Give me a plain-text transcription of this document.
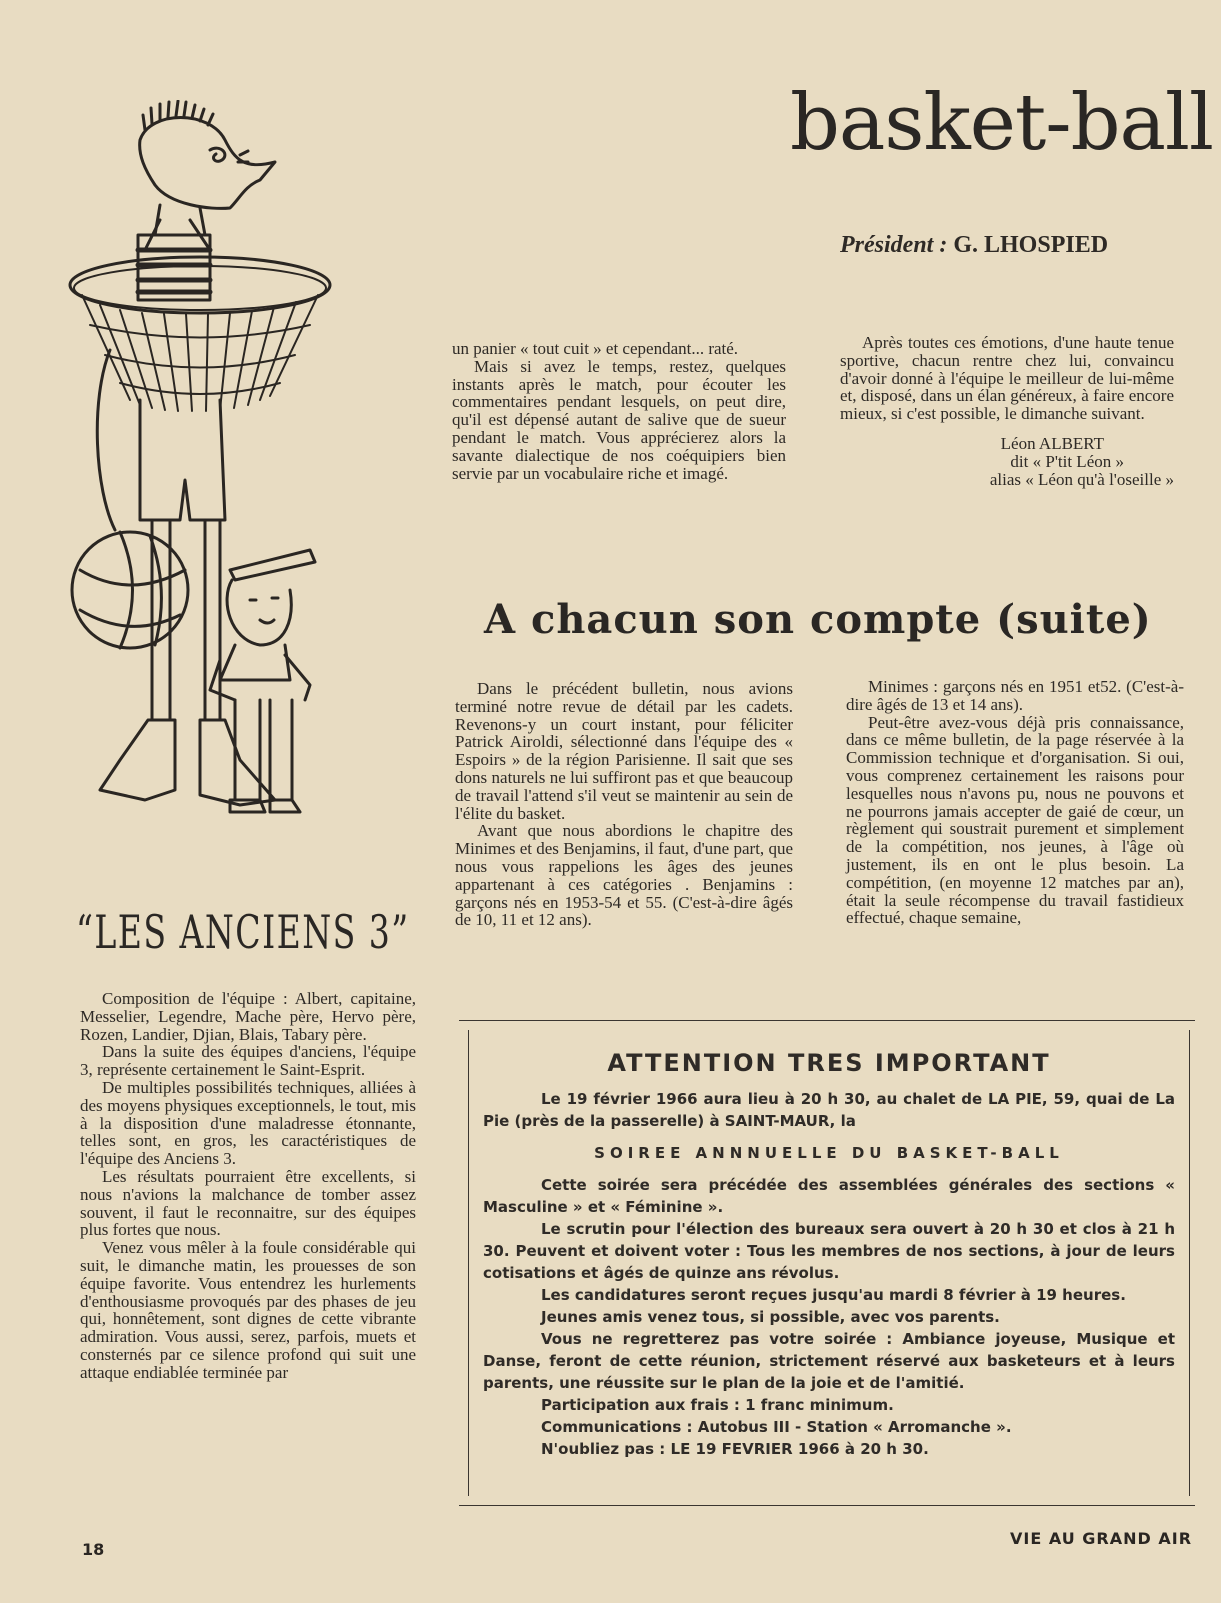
basket-ball
Président : G. LHOSPIED

un panier « tout cuit » et cependant... raté.

Mais si avez le temps, restez, quelques instants après le match, pour écouter les commentaires pendant lesquels, on peut dire, qu'il est dépensé autant de salive que de sueur pendant le match. Vous apprécierez alors la savante dialectique de nos coéquipiers bien servie par un vocabulaire riche et imagé.

Après toutes ces émotions, d'une haute tenue sportive, chacun rentre chez lui, convaincu d'avoir donné à l'équipe le meilleur de lui-même et, disposé, dans un élan généreux, à faire encore mieux, si c'est possible, le dimanche suivant.

Léon ALBERT
dit « P'tit Léon »
alias « Léon qu'à l'oseille »
A chacun son compte (suite)

Dans le précédent bulletin, nous avions terminé notre revue de détail par les cadets. Revenons-y un court instant, pour féliciter Patrick Airoldi, sélectionné dans l'équipe des « Espoirs » de la région Parisienne. Il sait que ses dons naturels ne lui suffiront pas et que beaucoup de travail l'attend s'il veut se maintenir au sein de l'élite du basket.

Avant que nous abordions le chapitre des Minimes et des Benjamins, il faut, d'une part, que nous vous rappelions les âges des jeunes appartenant à ces catégories . Benjamins : garçons nés en 1953-54 et 55. (C'est-à-dire âgés de 10, 11 et 12 ans).

Minimes : garçons nés en 1951 et52. (C'est-à-dire âgés de 13 et 14 ans).

Peut-être avez-vous déjà pris connaissance, dans ce même bulletin, de la page réservée à la Commission technique et d'organisation. Si oui, vous comprenez certainement les raisons pour lesquelles nous n'avons pu, nous ne pouvons et ne pourrons jamais accepter de gaié de cœur, un règlement qui soustrait purement et simplement de la compétition, nos jeunes, à l'âge où justement, ils en ont le plus besoin. La compétition, (en moyenne 12 matches par an), était la seule récompense du travail fastidieux effectué, chaque semaine,

“LES ANCIENS 3”

Composition de l'équipe : Albert, capitaine, Messelier, Legendre, Mache père, Hervo père, Rozen, Landier, Djian, Blais, Tabary père.

Dans la suite des équipes d'anciens, l'équipe 3, représente certainement le Saint-Esprit.

De multiples possibilités techniques, alliées à des moyens physiques exceptionnels, le tout, mis à la disposition d'une maladresse étonnante, telles sont, en gros, les caractéristiques de l'équipe des Anciens 3.

Les résultats pourraient être excellents, si nous n'avions la malchance de tomber assez souvent, il faut le reconnaitre, sur des équipes plus fortes que nous.

Venez vous mêler à la foule considérable qui suit, le dimanche matin, les prouesses de son équipe favorite. Vous entendrez les hurlements d'enthousiasme provoqués par des phases de jeu qui, honnêtement, sont dignes de cette vibrante admiration. Vous aussi, serez, parfois, muets et consternés par ce silence profond qui suit une attaque endiablée terminée par

ATTENTION TRES IMPORTANT

Le 19 février 1966 aura lieu à 20 h 30, au chalet de LA PIE, 59, quai de La Pie (près de la passerelle) à SAINT-MAUR, la

SOIREE ANNNUELLE DU BASKET-BALL

Cette soirée sera précédée des assemblées générales des sections « Masculine » et « Féminine ».

Le scrutin pour l'élection des bureaux sera ouvert à 20 h 30 et clos à 21 h 30. Peuvent et doivent voter : Tous les membres de nos sections, à jour de leurs cotisations et âgés de quinze ans révolus.

Les candidatures seront reçues jusqu'au mardi 8 février à 19 heures.

Jeunes amis venez tous, si possible, avec vos parents.

Vous ne regretterez pas votre soirée : Ambiance joyeuse, Musique et Danse, feront de cette réunion, strictement réservé aux basketeurs et à leurs parents, une réussite sur le plan de la joie et de l'amitié.

Participation aux frais : 1 franc minimum.

Communications : Autobus III - Station « Arromanche ».

N'oubliez pas : LE 19 FEVRIER 1966 à 20 h 30.

18
VIE AU GRAND AIR
